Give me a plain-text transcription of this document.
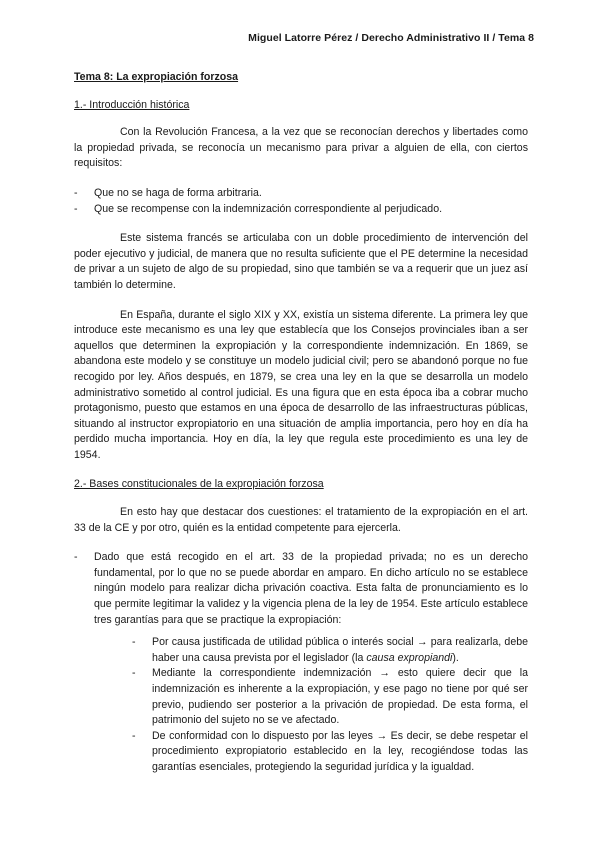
Miguel Latorre Pérez / Derecho Administrativo II / Tema 8
Tema 8: La expropiación forzosa
1.- Introducción histórica

Con la Revolución Francesa, a la vez que se reconocían derechos y libertades como la propiedad privada, se reconocía un mecanismo para privar a alguien de ella, con ciertos requisitos:

- Que no se haga de forma arbitraria.
- Que se recompense con la indemnización correspondiente al perjudicado.

Este sistema francés se articulaba con un doble procedimiento de intervención del poder ejecutivo y judicial, de manera que no resulta suficiente que el PE determine la necesidad de privar a un sujeto de algo de su propiedad, sino que también se va a requerir que un juez así también lo determine.

En España, durante el siglo XIX y XX, existía un sistema diferente. La primera ley que introduce este mecanismo es una ley que establecía que los Consejos provinciales iban a ser aquellos que determinen la expropiación y la correspondiente indemnización. En 1869, se abandona este modelo y se constituye un modelo judicial civil; pero se abandonó porque no fue recogido por ley. Años después, en 1879, se crea una ley en la que se desarrolla un modelo administrativo sometido al control judicial. Es una figura que en esta época iba a cobrar mucho protagonismo, puesto que estamos en una época de desarrollo de las infraestructuras públicas, situando al instructor expropiatorio en una situación de amplia importancia, pero hoy en día ha perdido mucha importancia. Hoy en día, la ley que regula este procedimiento es una ley de 1954.

2.- Bases constitucionales de la expropiación forzosa

En esto hay que destacar dos cuestiones: el tratamiento de la expropiación en el art. 33 de la CE y por otro, quién es la entidad competente para ejercerla.

- Dado que está recogido en el art. 33 de la propiedad privada; no es un derecho fundamental, por lo que no se puede abordar en amparo. En dicho artículo no se establece ningún modelo para realizar dicha privación coactiva. Esta falta de pronunciamiento es lo que permite legitimar la validez y la vigencia plena de la ley de 1954. Este artículo establece tres garantías para que se practique la expropiación:
- Por causa justificada de utilidad pública o interés social → para realizarla, debe haber una causa prevista por el legislador (la causa expropiandi).
- Mediante la correspondiente indemnización → esto quiere decir que la indemnización es inherente a la expropiación, y ese pago no tiene por qué ser previo, pudiendo ser posterior a la privación de propiedad. De esta forma, el patrimonio del sujeto no se ve afectado.
- De conformidad con lo dispuesto por las leyes → Es decir, se debe respetar el procedimiento expropiatorio establecido en la ley, recogiéndose todas las garantías esenciales, protegiendo la seguridad jurídica y la igualdad.
